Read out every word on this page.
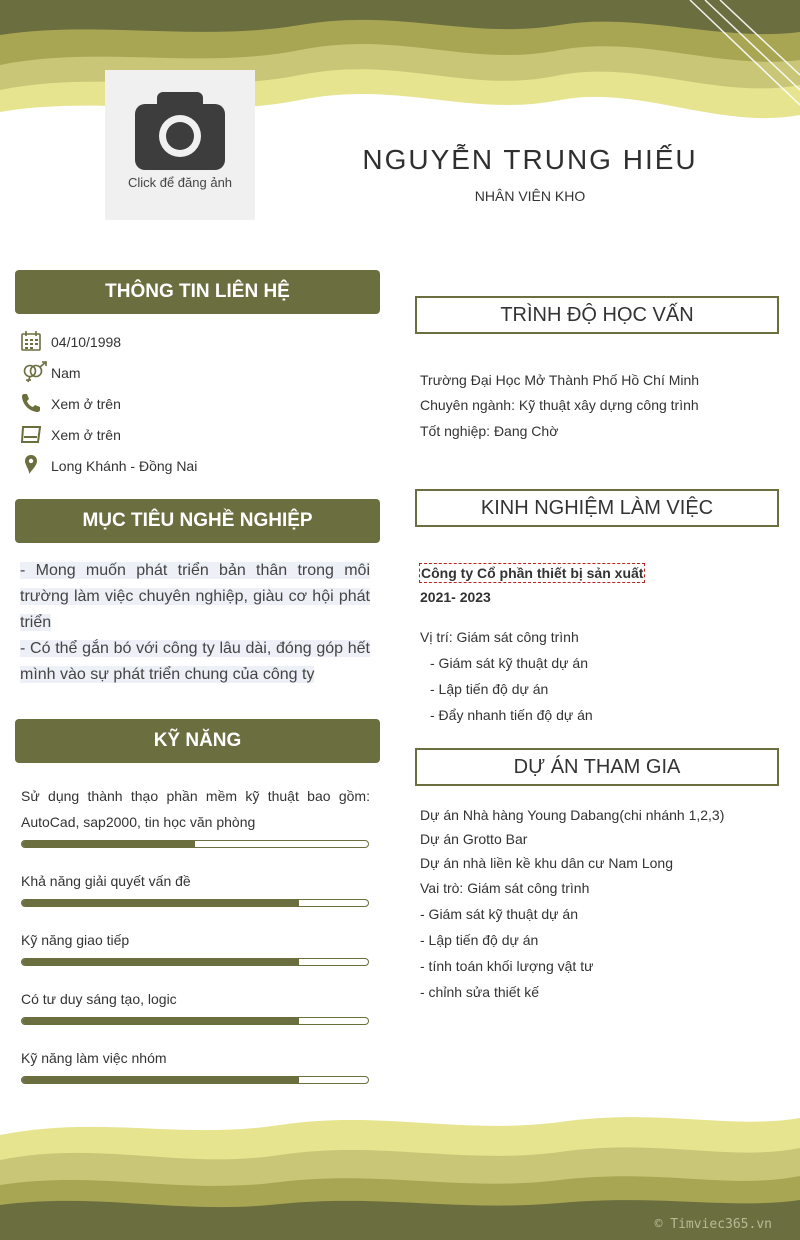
Click để đăng ảnh
NGUYỄN TRUNG HIẾU
NHÂN VIÊN KHO
THÔNG TIN LIÊN HỆ
04/10/1998
Nam
Xem ở trên
Xem ở trên
Long Khánh - Đồng Nai
MỤC TIÊU NGHỀ NGHIỆP

- Mong muốn phát triển bản thân trong môi trường làm việc chuyên nghiệp, giàu cơ hội phát triển

- Có thể gắn bó với công ty lâu dài, đóng góp hết mình vào sự phát triển chung của công ty

KỸ NĂNG
Sử dụng thành thạo phần mềm kỹ thuật bao gồm: AutoCad, sap2000, tin học văn phòng
Khả năng giải quyết vấn đề
Kỹ năng giao tiếp
Có tư duy sáng tạo, logic
Kỹ năng làm việc nhóm
TRÌNH ĐỘ HỌC VẤN
Trường Đại Học Mở Thành Phố Hồ Chí Minh
Chuyên ngành: Kỹ thuật xây dựng công trình
Tốt nghiệp: Đang Chờ
KINH NGHIỆM LÀM VIỆC
Công ty Cổ phần thiết bị sản xuất
2021- 2023
Vị trí: Giám sát công trình
- Giám sát kỹ thuật dự án
- Lập tiến độ dự án
- Đẩy nhanh tiến độ dự án
DỰ ÁN THAM GIA
Dự án Nhà hàng Young Dabang(chi nhánh 1,2,3)
Dự án Grotto Bar
Dự án nhà liền kề khu dân cư Nam Long
Vai trò: Giám sát công trình
- Giám sát kỹ thuật dự án
- Lập tiến độ dự án
- tính toán khối lượng vật tư
- chỉnh sửa thiết kế
© Timviec365.vn
